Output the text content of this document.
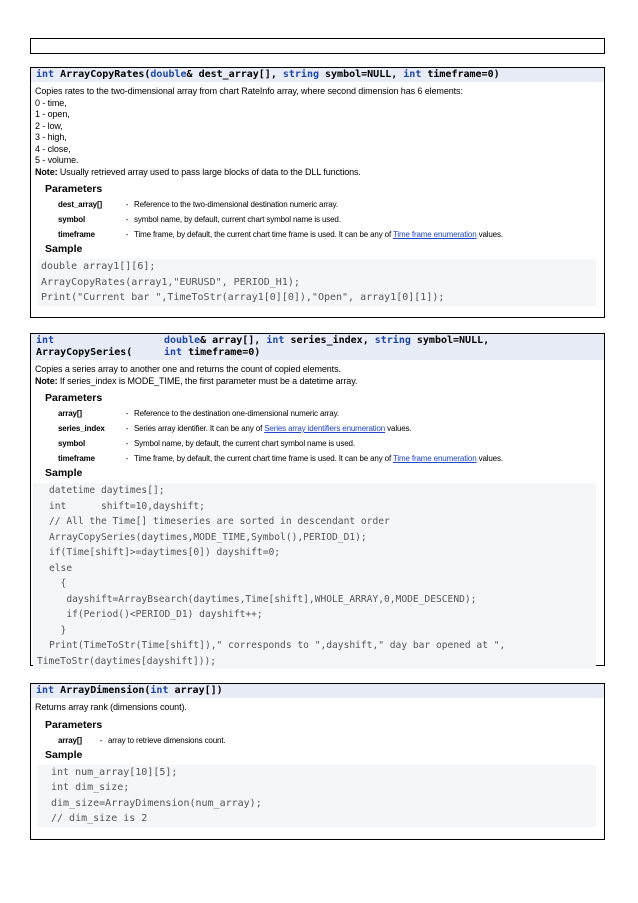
int ArrayCopyRates(double& dest_array[], string symbol=NULL, int timeframe=0)
Copies rates to the two-dimensional array from chart RateInfo array, where second dimension has 6 elements:
0 - time,
1 - open,
2 - low,
3 - high,
4 - close,
5 - volume.
Note: Usually retrieved array used to pass large blocks of data to the DLL functions.
Parameters
dest_array[]	- Reference to the two-dimensional destination numeric array.
symbol	- symbol name, by default, current chart symbol name is used.
timeframe	- Time frame, by default, the current chart time frame is used. It can be any of Time frame enumeration values.
Sample
double array1[][6];
ArrayCopyRates(array1,"EURUSD", PERIOD_H1);
Print("Current bar ",TimeToStr(array1[0][0]),"Open", array1[0][1]);
int
ArrayCopySeries(
double& array[], int series_index, string symbol=NULL,
int timeframe=0)
Copies a series array to another one and returns the count of copied elements.
Note: If series_index is MODE_TIME, the first parameter must be a datetime array.
Parameters
array[]	- Reference to the destination one-dimensional numeric array.
series_index	- Series array identifier. It can be any of Series array identifiers enumeration values.
symbol	- Symbol name, by default, the current chart symbol name is used.
timeframe	- Time frame, by default, the current chart time frame is used. It can be any of Time frame enumeration values.
Sample
datetime daytimes[];
int      shift=10,dayshift;
// All the Time[] timeseries are sorted in descendant order
ArrayCopySeries(daytimes,MODE_TIME,Symbol(),PERIOD_D1);
if(Time[shift]>=daytimes[0]) dayshift=0;
else
{
dayshift=ArrayBsearch(daytimes,Time[shift],WHOLE_ARRAY,0,MODE_DESCEND);
if(Period()<PERIOD_D1) dayshift++;
}
Print(TimeToStr(Time[shift])," corresponds to ",dayshift," day bar opened at ",
TimeToStr(daytimes[dayshift]));
int ArrayDimension(int array[])
Returns array rank (dimensions count).
Parameters
array[]	- array to retrieve dimensions count.
Sample
int num_array[10][5];
int dim_size;
dim_size=ArrayDimension(num_array);
// dim_size is 2
